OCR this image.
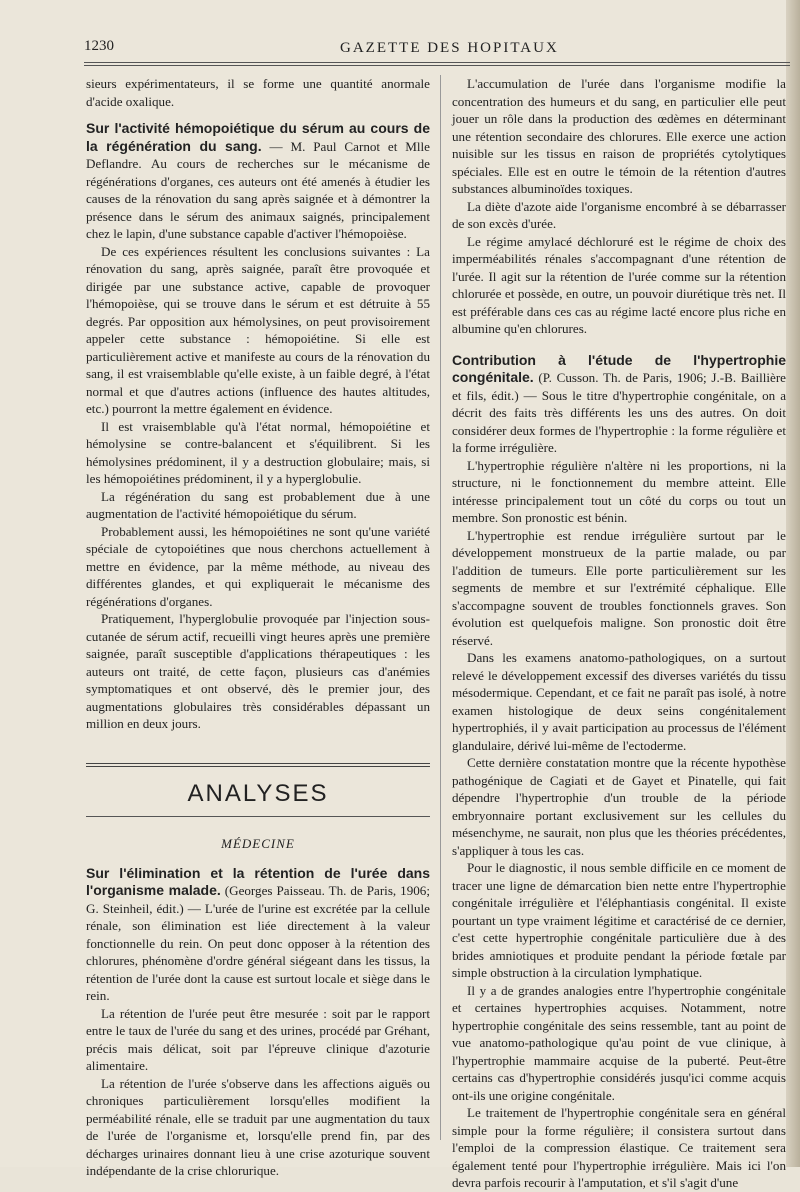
1230	GAZETTE DES HOPITAUX

sieurs expérimentateurs, il se forme une quantité anormale d'acide oxalique.

Sur l'activité hémopoiétique du sérum au cours de la régénération du sang. — M. Paul Carnot et Mlle Deflandre. Au cours de recherches sur le mécanisme de régénérations d'organes, ces auteurs ont été amenés à étudier les causes de la rénovation du sang après saignée et à démontrer la présence dans le sérum des animaux saignés, principalement chez le lapin, d'une substance capable d'activer l'hémopoièse.

De ces expériences résultent les conclusions suivantes : La rénovation du sang, après saignée, paraît être provoquée et dirigée par une substance active, capable de provoquer l'hémopoièse, qui se trouve dans le sérum et est détruite à 55 degrés. Par opposition aux hémolysines, on peut provisoirement appeler cette substance : hémopoiétine. Si elle est particulièrement active et manifeste au cours de la rénovation du sang, il est vraisemblable qu'elle existe, à un faible degré, à l'état normal et que d'autres actions (influence des hautes altitudes, etc.) pourront la mettre également en évidence.

Il est vraisemblable qu'à l'état normal, hémopoiétine et hémolysine se contre-balancent et s'équilibrent. Si les hémolysines prédominent, il y a destruction globulaire; mais, si les hémopoiétines prédominent, il y a hyperglobulie.

La régénération du sang est probablement due à une augmentation de l'activité hémopoiétique du sérum.

Probablement aussi, les hémopoiétines ne sont qu'une variété spéciale de cytopoiétines que nous cherchons actuellement à mettre en évidence, par la même méthode, au niveau des différentes glandes, et qui expliquerait le mécanisme des régénérations d'organes.

Pratiquement, l'hyperglobulie provoquée par l'injection sous-cutanée de sérum actif, recueilli vingt heures après une première saignée, paraît susceptible d'applications thérapeutiques : les auteurs ont traité, de cette façon, plusieurs cas d'anémies symptomatiques et ont observé, dès le premier jour, des augmentations globulaires très considérables dépassant un million en deux jours.

ANALYSES
MÉDECINE

Sur l'élimination et la rétention de l'urée dans l'organisme malade. (Georges Paisseau. Th. de Paris, 1906; G. Steinheil, édit.) — L'urée de l'urine est excrétée par la cellule rénale, son élimination est liée directement à la valeur fonctionnelle du rein. On peut donc opposer à la rétention des chlorures, phénomène d'ordre général siégeant dans les tissus, la rétention de l'urée dont la cause est surtout locale et siège dans le rein.

La rétention de l'urée peut être mesurée : soit par le rapport entre le taux de l'urée du sang et des urines, procédé par Gréhant, précis mais délicat, soit par l'épreuve clinique d'azoturie alimentaire.

La rétention de l'urée s'observe dans les affections aiguës ou chroniques particulièrement lorsqu'elles modifient la perméabilité rénale, elle se traduit par une augmentation du taux de l'urée de l'organisme et, lorsqu'elle prend fin, par des décharges urinaires donnant lieu à une crise azoturique souvent indépendante de la crise chlorurique.

L'accumulation de l'urée dans l'organisme modifie la concentration des humeurs et du sang, en particulier elle peut jouer un rôle dans la production des œdèmes en déterminant une rétention secondaire des chlorures. Elle exerce une action nuisible sur les tissus en raison de propriétés cytolytiques spéciales. Elle est en outre le témoin de la rétention d'autres substances albuminoïdes toxiques.

La diète d'azote aide l'organisme encombré à se débarrasser de son excès d'urée.

Le régime amylacé déchloruré est le régime de choix des imperméabilités rénales s'accompagnant d'une rétention de l'urée. Il agit sur la rétention de l'urée comme sur la rétention chlorurée et possède, en outre, un pouvoir diurétique très net. Il est préférable dans ces cas au régime lacté encore plus riche en albumine qu'en chlorures.

Contribution à l'étude de l'hypertrophie congénitale. (P. Cusson. Th. de Paris, 1906; J.-B. Baillière et fils, édit.) — Sous le titre d'hypertrophie congénitale, on a décrit des faits très différents les uns des autres. On doit considérer deux formes de l'hypertrophie : la forme régulière et la forme irrégulière.

L'hypertrophie régulière n'altère ni les proportions, ni la structure, ni le fonctionnement du membre atteint. Elle intéresse principalement tout un côté du corps ou tout un membre. Son pronostic est bénin.

L'hypertrophie est rendue irrégulière surtout par le développement monstrueux de la partie malade, ou par l'addition de tumeurs. Elle porte particulièrement sur les segments de membre et sur l'extrémité céphalique. Elle s'accompagne souvent de troubles fonctionnels graves. Son évolution est quelquefois maligne. Son pronostic doit être réservé.

Dans les examens anatomo-pathologiques, on a surtout relevé le développement excessif des diverses variétés du tissu mésodermique. Cependant, et ce fait ne paraît pas isolé, à notre examen histologique de deux seins congénitalement hypertrophiés, il y avait participation au processus de l'élément glandulaire, dérivé lui-même de l'ectoderme.

Cette dernière constatation montre que la récente hypothèse pathogénique de Cagiati et de Gayet et Pinatelle, qui fait dépendre l'hypertrophie d'un trouble de la période embryonnaire portant exclusivement sur les cellules du mésenchyme, ne saurait, non plus que les théories précédentes, s'appliquer à tous les cas.

Pour le diagnostic, il nous semble difficile en ce moment de tracer une ligne de démarcation bien nette entre l'hypertrophie congénitale irrégulière et l'éléphantiasis congénital. Il existe pourtant un type vraiment légitime et caractérisé de ce dernier, c'est cette hypertrophie congénitale particulière due à des brides amniotiques et produite pendant la période fœtale par simple obstruction à la circulation lymphatique.

Il y a de grandes analogies entre l'hypertrophie congénitale et certaines hypertrophies acquises. Notamment, notre hypertrophie congénitale des seins ressemble, tant au point de vue anatomo-pathologique qu'au point de vue clinique, à l'hypertrophie mammaire acquise de la puberté. Peut-être certains cas d'hypertrophie considérés jusqu'ici comme acquis ont-ils une origine congénitale.

Le traitement de l'hypertrophie congénitale sera en général simple pour la forme régulière; il consistera surtout dans l'emploi de la compression élastique. Ce traitement sera également tenté pour l'hypertrophie irrégulière. Mais ici l'on devra parfois recourir à l'amputation, et s'il s'agit d'une
